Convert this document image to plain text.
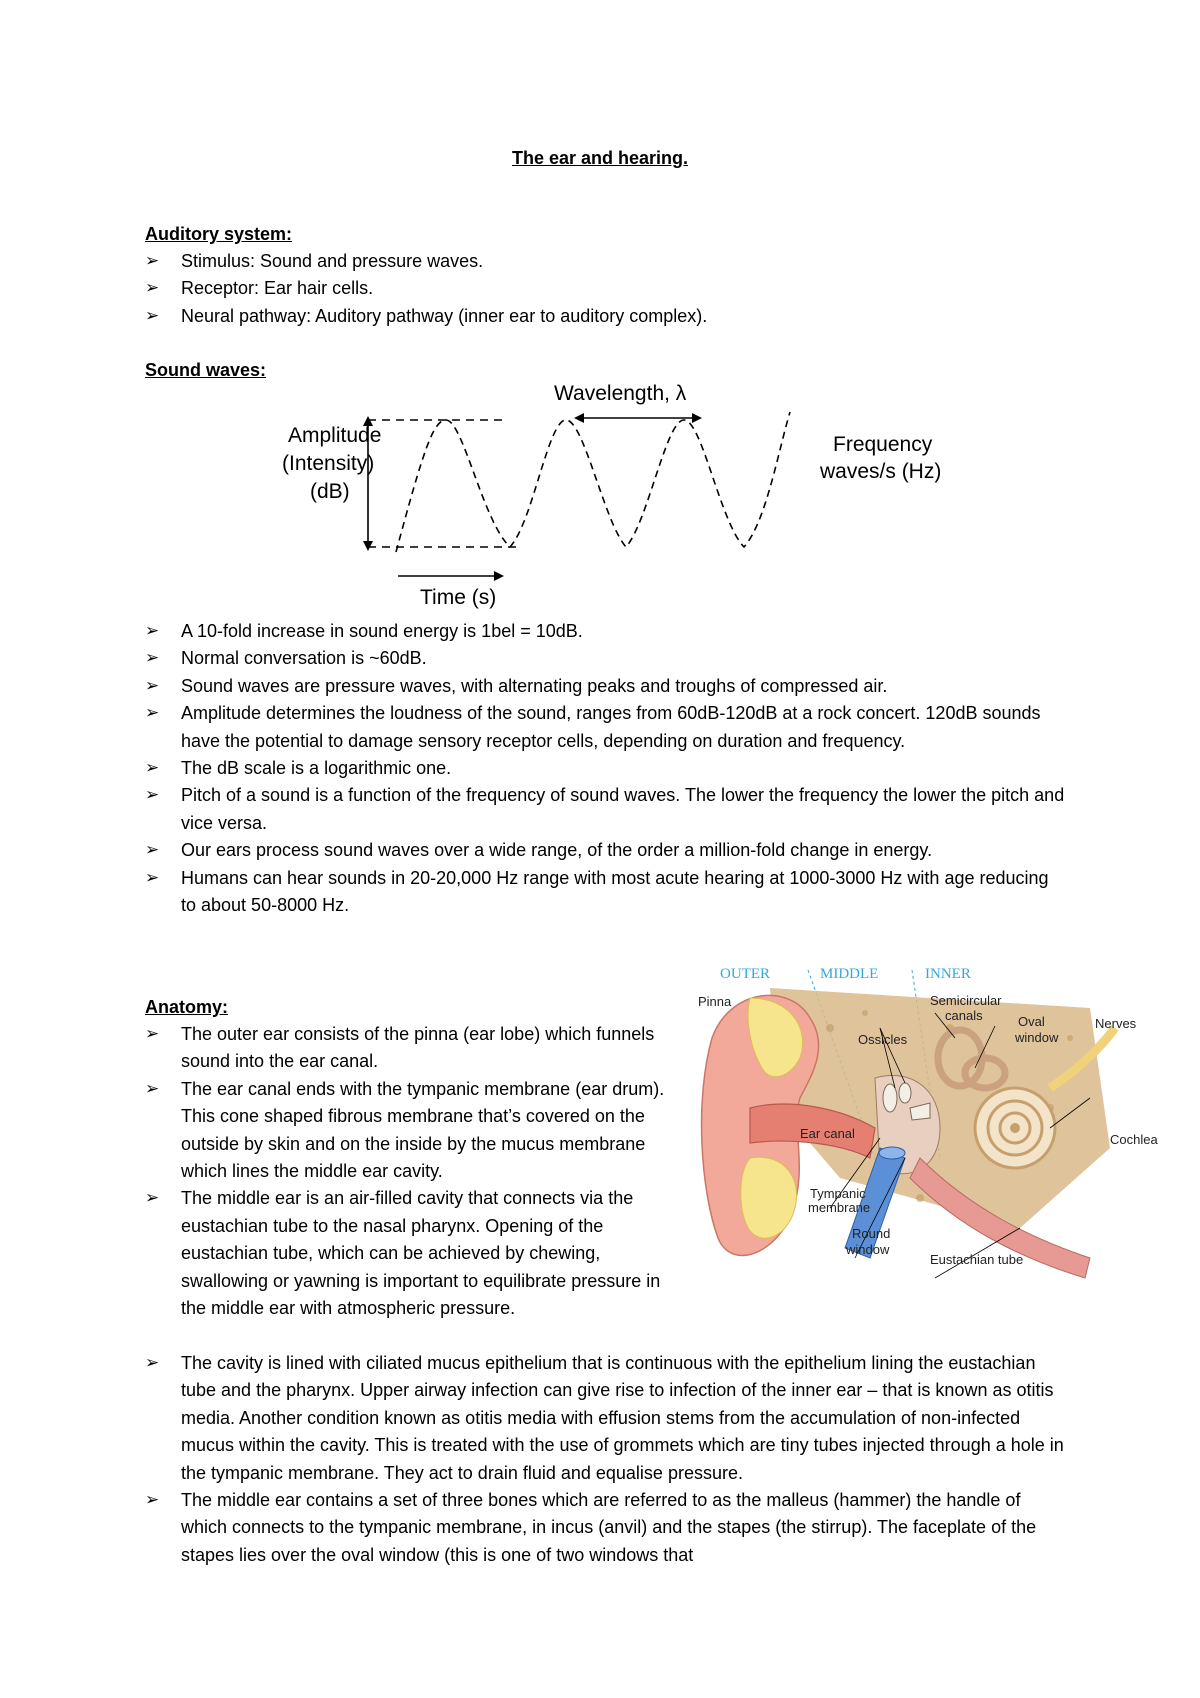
The ear and hearing.
Auditory system:
➢ Stimulus: Sound and pressure waves.
➢ Receptor: Ear hair cells.
➢ Neural pathway: Auditory pathway (inner ear to auditory complex).
Sound waves:
Wavelength, λ
Amplitude
(Intensity)
(dB)
Frequency
waves/s (Hz)
Time (s)
➢ A 10-fold increase in sound energy is 1bel = 10dB.
➢ Normal conversation is ~60dB.
➢ Sound waves are pressure waves, with alternating peaks and troughs of compressed air.
➢ Amplitude determines the loudness of the sound, ranges from 60dB-120dB at a rock concert. 120dB sounds have the potential to damage sensory receptor cells, depending on duration and frequency.
➢ The dB scale is a logarithmic one.
➢ Pitch of a sound is a function of the frequency of sound waves. The lower the frequency the lower the pitch and vice versa.
➢ Our ears process sound waves over a wide range, of the order a million-fold change in energy.
➢ Humans can hear sounds in 20-20,000 Hz range with most acute hearing at 1000-3000 Hz with age reducing to about 50-8000 Hz.
Anatomy:
➢ The outer ear consists of the pinna (ear lobe) which funnels sound into the ear canal.
➢ The ear canal ends with the tympanic membrane (ear drum). This cone shaped fibrous membrane that’s covered on the outside by skin and on the inside by the mucus membrane which lines the middle ear cavity.
➢ The middle ear is an air-filled cavity that connects via the eustachian tube to the nasal pharynx. Opening of the eustachian tube, which can be achieved by chewing, swallowing or yawning is important to equilibrate pressure in the middle ear with atmospheric pressure.
➢ The cavity is lined with ciliated mucus epithelium that is continuous with the epithelium lining the eustachian tube and the pharynx. Upper airway infection can give rise to infection of the inner ear – that is known as otitis media. Another condition known as otitis media with effusion stems from the accumulation of non-infected mucus within the cavity. This is treated with the use of grommets which are tiny tubes injected through a hole in the tympanic membrane. They act to drain fluid and equalise pressure.
➢ The middle ear contains a set of three bones which are referred to as the malleus (hammer) the handle of which connects to the tympanic membrane, in incus (anvil) and the stapes (the stirrup). The faceplate of the stapes lies over the oval window (this is one of two windows that
OUTER	MIDDLE	INNER
Pinna	Semicircular
canals	Oval
window
Nerves
Ossicles
Cochlea
Ear canal
Tympanic
membrane
Round
window
Eustachian tube
